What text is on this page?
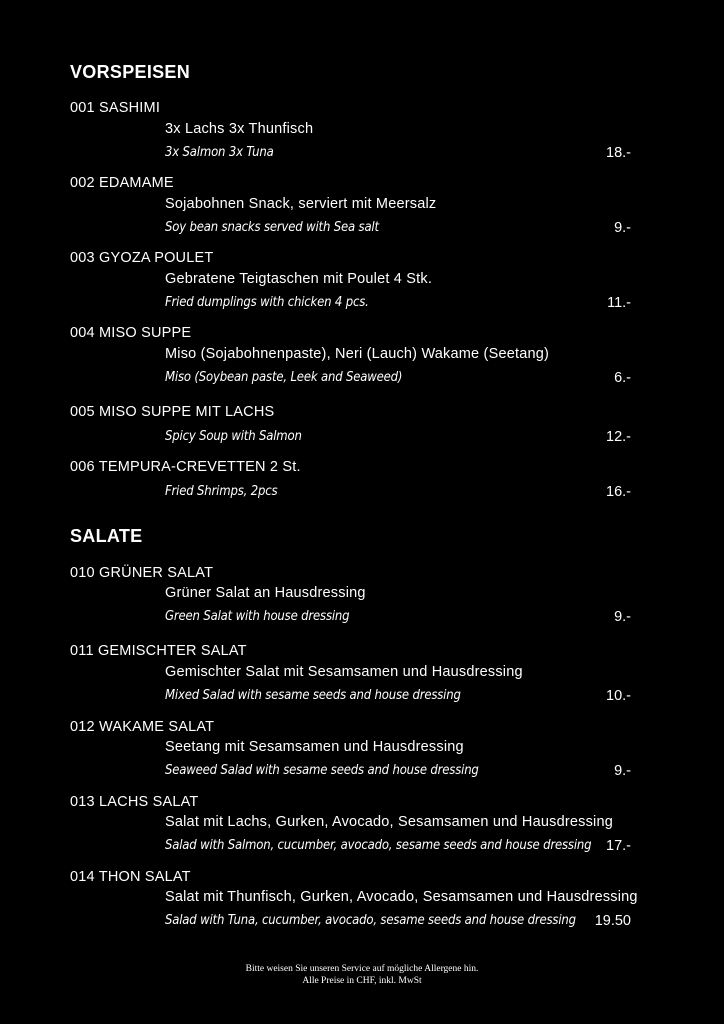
VORSPEISEN
001 SASHIMI
3x Lachs 3x Thunfisch
3x Salmon 3x Tuna	18.-
002 EDAMAME
Sojabohnen Snack, serviert mit Meersalz
Soy bean snacks served with Sea salt	9.-
003 GYOZA POULET
Gebratene Teigtaschen mit Poulet 4 Stk.
Fried dumplings with chicken 4 pcs.	11.-
004 MISO SUPPE
Miso (Sojabohnenpaste), Neri (Lauch) Wakame (Seetang)
Miso (Soybean paste, Leek and Seaweed)	6.-
005 MISO SUPPE MIT LACHS
Spicy Soup with Salmon	12.-
006 TEMPURA-CREVETTEN 2 St.
Fried Shrimps, 2pcs	16.-
SALATE
010 GRÜNER SALAT
Grüner Salat an Hausdressing
Green Salat with house dressing	9.-
011 GEMISCHTER SALAT
Gemischter Salat mit Sesamsamen und Hausdressing
Mixed Salad with sesame seeds and house dressing	10.-
012 WAKAME SALAT
Seetang mit Sesamsamen und Hausdressing
Seaweed Salad with sesame seeds and house dressing	9.-
013 LACHS SALAT
Salat mit Lachs, Gurken, Avocado, Sesamsamen und Hausdressing
Salad with Salmon, cucumber, avocado, sesame seeds and house dressing 17.-
014 THON SALAT
Salat mit Thunfisch, Gurken, Avocado, Sesamsamen und Hausdressing
Salad with Tuna, cucumber, avocado, sesame seeds and house dressing 19.50
Bitte weisen Sie unseren Service auf mögliche Allergene hin.
Alle Preise in CHF, inkl. MwSt
